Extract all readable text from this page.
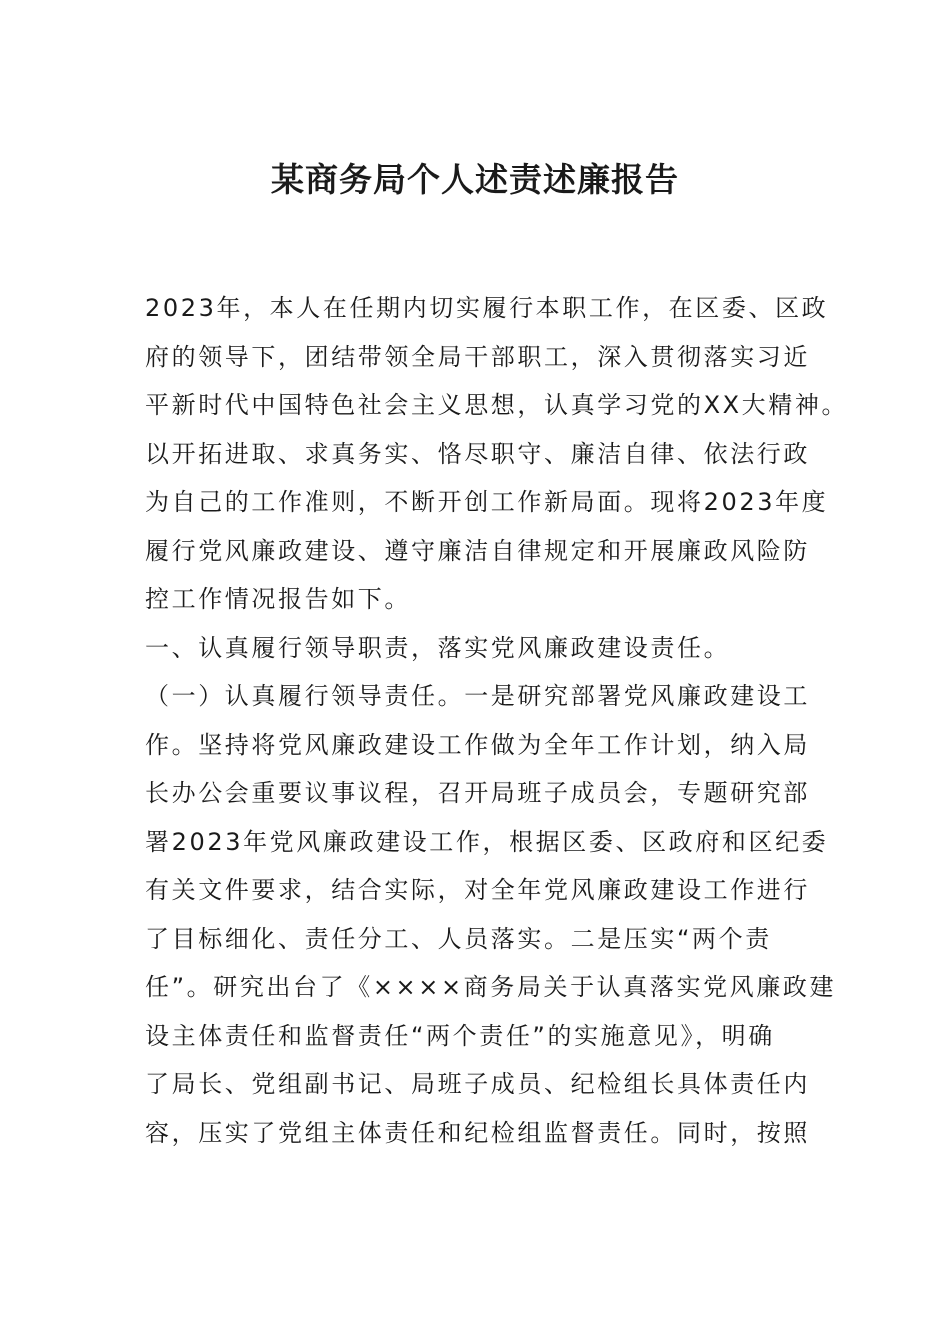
某商务局个人述责述廉报告
2023年，本人在任期内切实履行本职工作，在区委、区政
府的领导下，团结带领全局干部职工，深入贯彻落实习近
平新时代中国特色社会主义思想，认真学习党的XX大精神。
以开拓进取、求真务实、恪尽职守、廉洁自律、依法行政
为自己的工作准则，不断开创工作新局面。现将2023年度
履行党风廉政建设、遵守廉洁自律规定和开展廉政风险防
控工作情况报告如下。
一、认真履行领导职责，落实党风廉政建设责任。
（一）认真履行领导责任。一是研究部署党风廉政建设工
作。坚持将党风廉政建设工作做为全年工作计划，纳入局
长办公会重要议事议程，召开局班子成员会，专题研究部
署2023年党风廉政建设工作，根据区委、区政府和区纪委
有关文件要求，结合实际，对全年党风廉政建设工作进行
了目标细化、责任分工、人员落实。二是压实“两个责
任”。研究出台了《××××商务局关于认真落实党风廉政建
设主体责任和监督责任“两个责任”的实施意见》，明确
了局长、党组副书记、局班子成员、纪检组长具体责任内
容，压实了党组主体责任和纪检组监督责任。同时，按照
